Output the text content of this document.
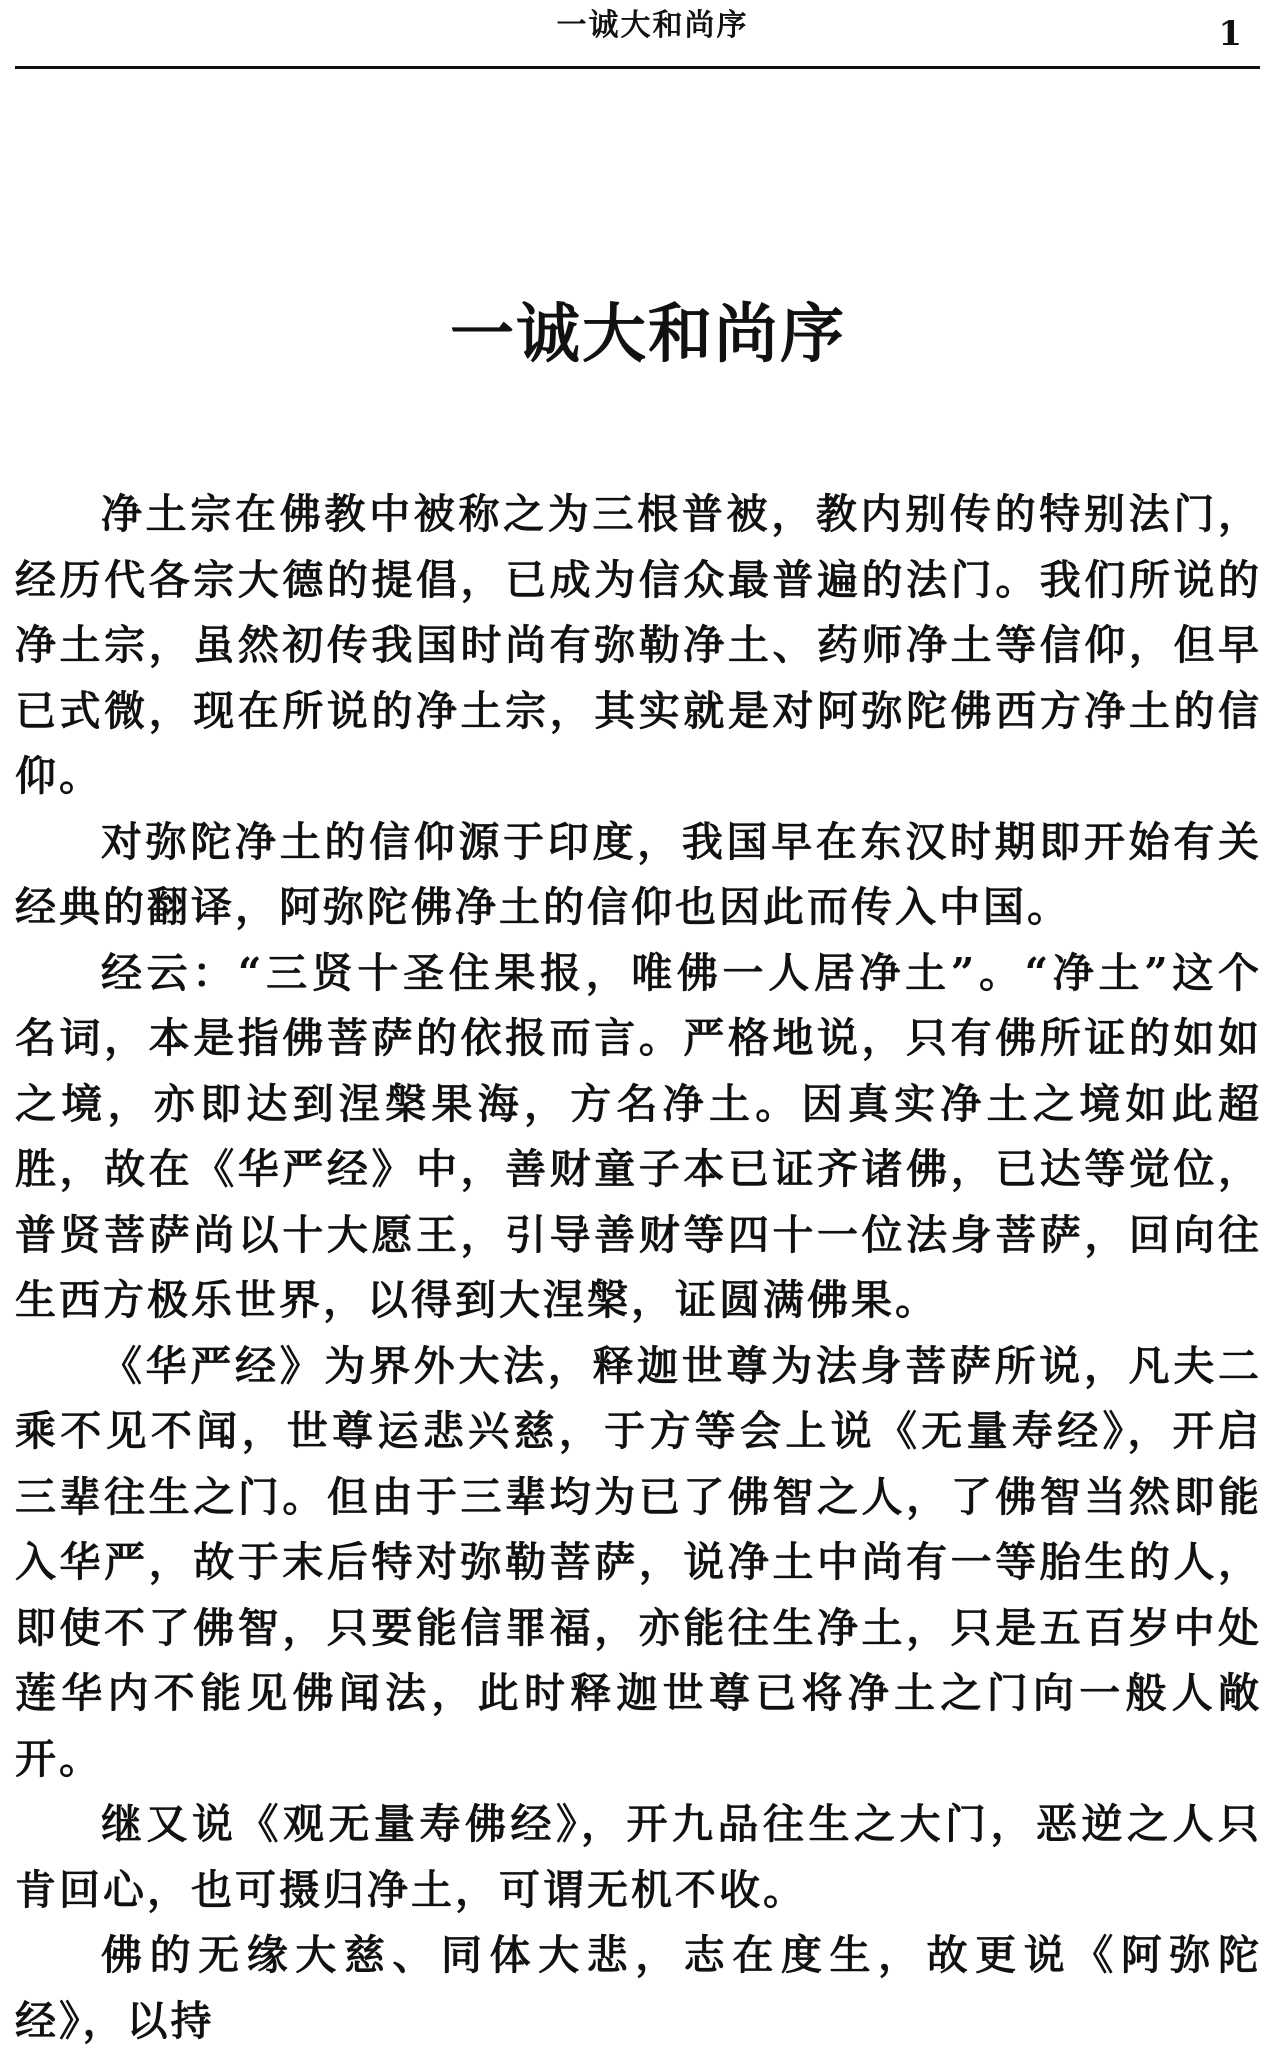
一诚大和尚序	1
一诚大和尚序

净土宗在佛教中被称之为三根普被，教内别传的特别法门，经历代各宗大德的提倡，已成为信众最普遍的法门。我们所说的净土宗，虽然初传我国时尚有弥勒净土、药师净土等信仰，但早已式微，现在所说的净土宗，其实就是对阿弥陀佛西方净土的信仰。

对弥陀净土的信仰源于印度，我国早在东汉时期即开始有关经典的翻译，阿弥陀佛净土的信仰也因此而传入中国。

经云：“三贤十圣住果报，唯佛一人居净土”。“净土”这个名词，本是指佛菩萨的依报而言。严格地说，只有佛所证的如如之境，亦即达到涅槃果海，方名净土。因真实净土之境如此超胜，故在《华严经》中，善财童子本已证齐诸佛，已达等觉位，普贤菩萨尚以十大愿王，引导善财等四十一位法身菩萨，回向往生西方极乐世界，以得到大涅槃，证圆满佛果。

《华严经》为界外大法，释迦世尊为法身菩萨所说，凡夫二乘不见不闻，世尊运悲兴慈，于方等会上说《无量寿经》，开启三辈往生之门。但由于三辈均为已了佛智之人，了佛智当然即能入华严，故于末后特对弥勒菩萨，说净土中尚有一等胎生的人，即使不了佛智，只要能信罪福，亦能往生净土，只是五百岁中处莲华内不能见佛闻法，此时释迦世尊已将净土之门向一般人敞开。

继又说《观无量寿佛经》，开九品往生之大门，恶逆之人只肯回心，也可摄归净土，可谓无机不收。

佛的无缘大慈、同体大悲，志在度生，故更说《阿弥陀经》，以持
